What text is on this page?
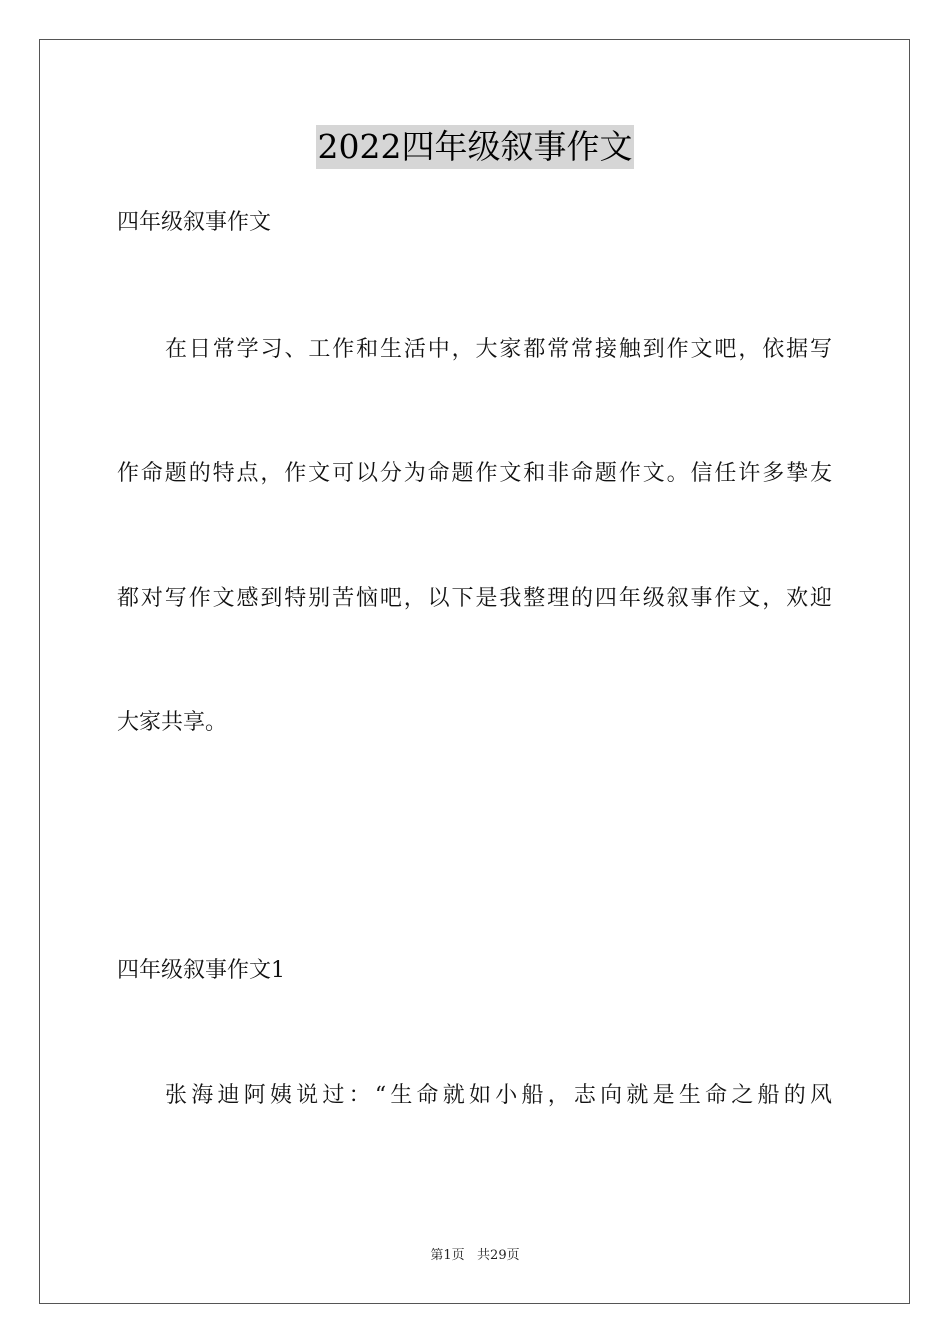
2022四年级叙事作文
四年级叙事作文
在日常学习、工作和生活中，大家都常常接触到作文吧，依据写
作命题的特点，作文可以分为命题作文和非命题作文。信任许多挚友
都对写作文感到特别苦恼吧，以下是我整理的四年级叙事作文，欢迎
大家共享。
四年级叙事作文1
张海迪阿姨说过：“生命就如小船，志向就是生命之船的风
第1页   共29页
